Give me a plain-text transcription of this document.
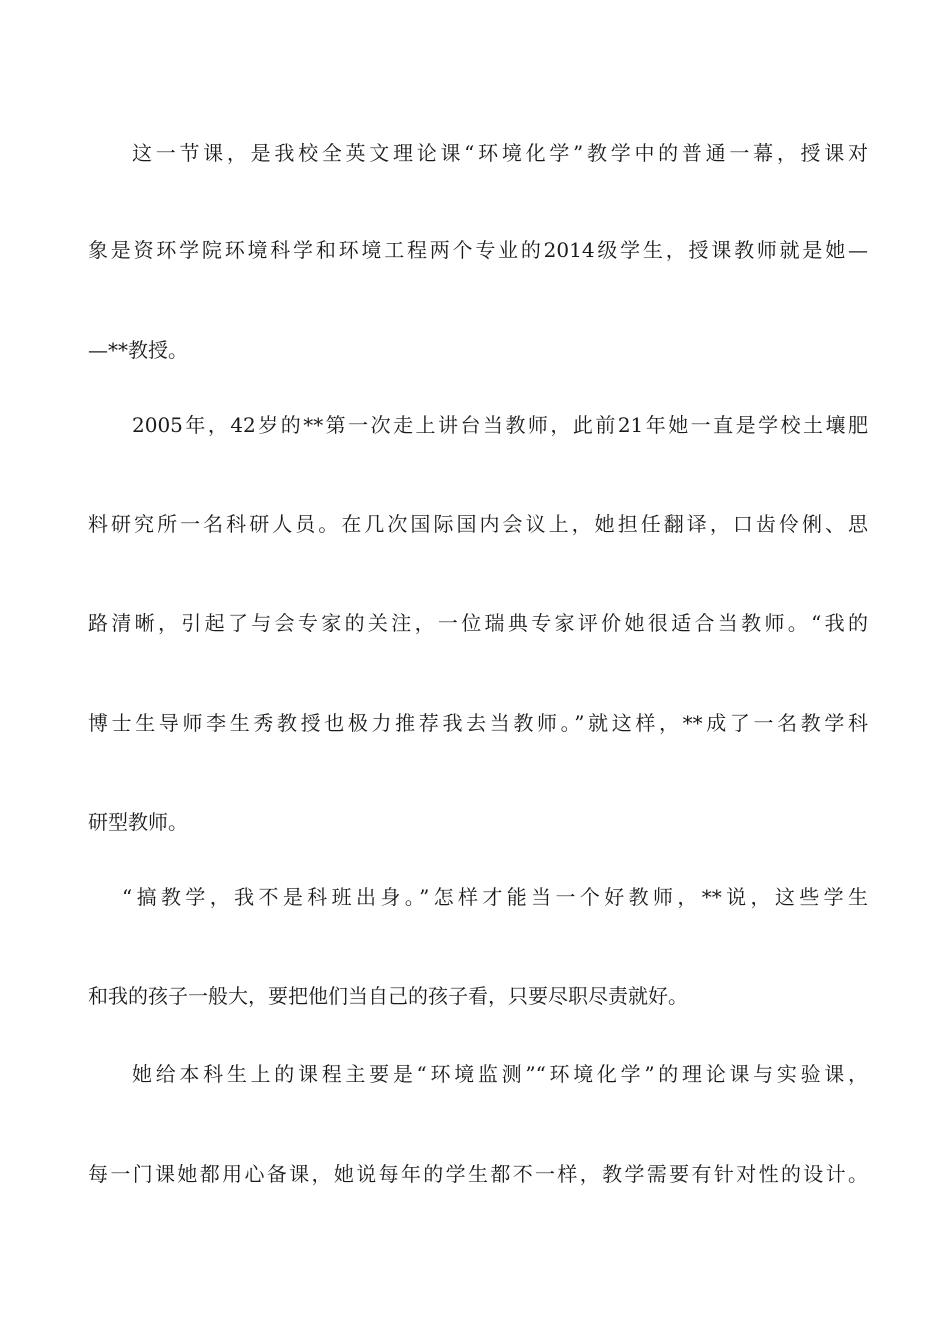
这一节课，是我校全英文理论课“环境化学”教学中的普通一幕，授课对
象是资环学院环境科学和环境工程两个专业的2014级学生，授课教师就是她—
—**教授。
2005年，42岁的**第一次走上讲台当教师，此前21年她一直是学校土壤肥
料研究所一名科研人员。在几次国际国内会议上，她担任翻译，口齿伶俐、思
路清晰，引起了与会专家的关注，一位瑞典专家评价她很适合当教师。“我的
博士生导师李生秀教授也极力推荐我去当教师。”就这样，**成了一名教学科
研型教师。
“搞教学，我不是科班出身。”怎样才能当一个好教师，**说，这些学生
和我的孩子一般大，要把他们当自己的孩子看，只要尽职尽责就好。
她给本科生上的课程主要是“环境监测”“环境化学”的理论课与实验课，
每一门课她都用心备课，她说每年的学生都不一样，教学需要有针对性的设计。
